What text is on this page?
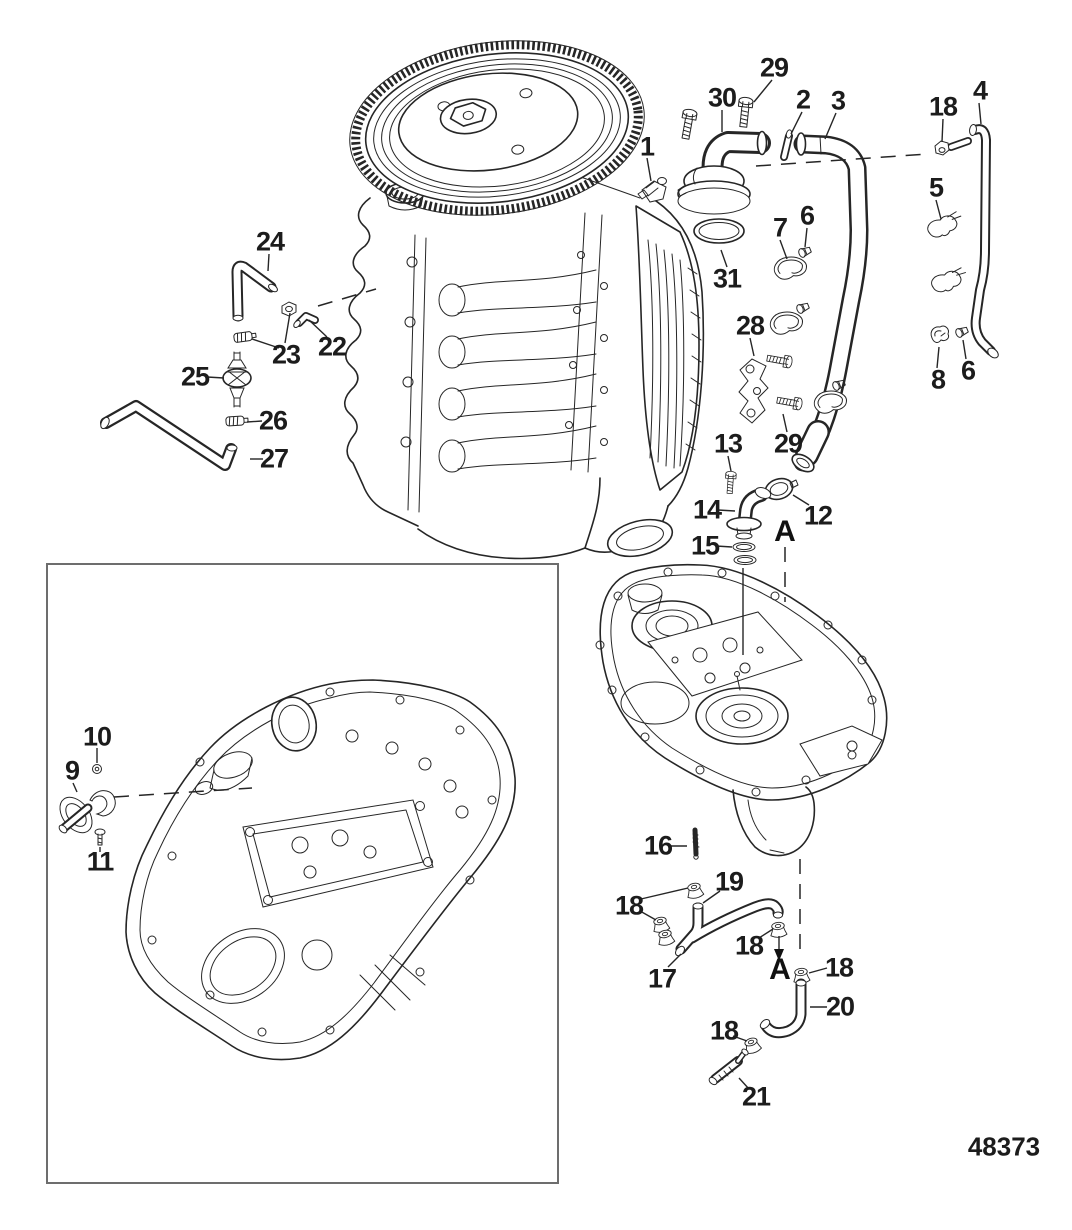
48373
1
2 3	4
5
6
6
7
8
9
10
11
12
13
14
15
16
17
18
18
18
18
18
19
20
21
22
23
24
25
26
27
28
29
29
30
31
A
A
